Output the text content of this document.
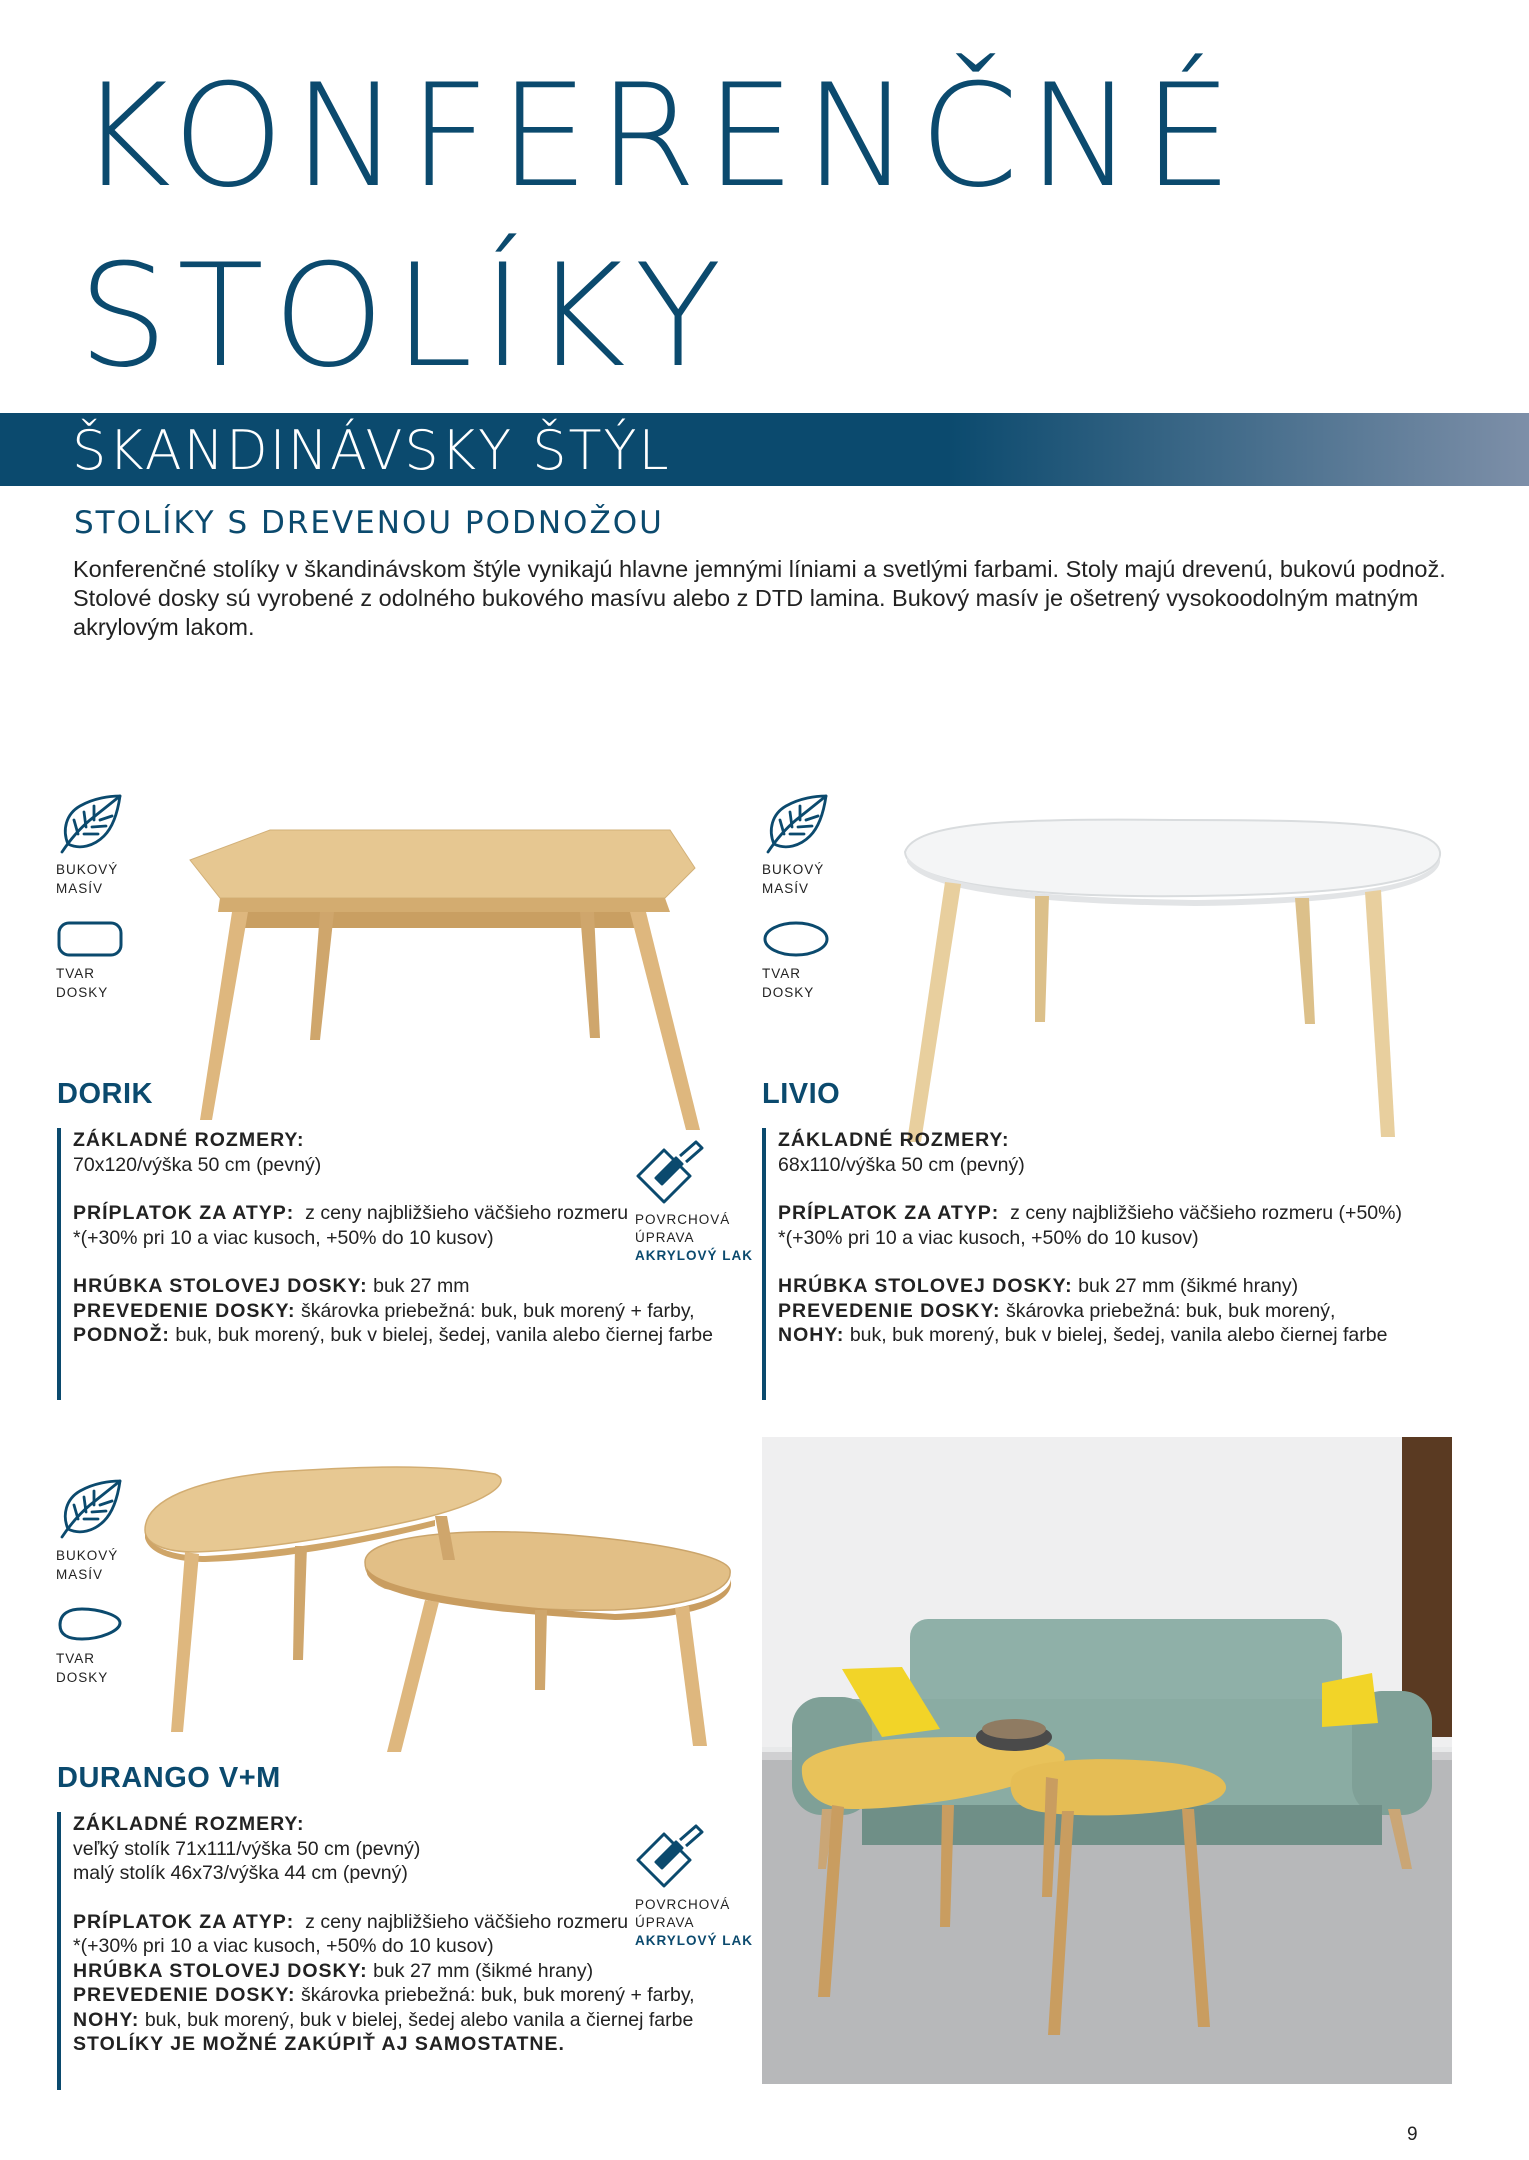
KONFERENČNÉ
STOLÍKY
ŠKANDINÁVSKY ŠTÝL
STOLÍKY S DREVENOU PODNOŽOU
Konferenčné stolíky v škandinávskom štýle vynikajú hlavne jemnými líniami a svetlými farbami. Stoly majú drevenú, bukovú podnož. Stolové dosky sú vyrobené z odolného bukového masívu alebo z DTD lamina. Bukový masív je ošetrený vysokoodolným matným akrylovým lakom.
BUKOVÝ
MASÍV
TVAR
DOSKY
DORIK
ZÁKLADNÉ ROZMERY:
70x120/výška 50 cm (pevný)
PRÍPLATOK ZA ATYP: z ceny najbližšieho väčšieho rozmeru
*(+30% pri 10 a viac kusoch, +50% do 10 kusov)
HRÚBKA STOLOVEJ DOSKY: buk 27 mm
PREVEDENIE DOSKY: škárovka priebežná: buk, buk morený + farby,
PODNOŽ: buk, buk morený, buk v bielej, šedej, vanila alebo čiernej farbe
POVRCHOVÁ
ÚPRAVA
AKRYLOVÝ LAK
BUKOVÝ
MASÍV
TVAR
DOSKY
LIVIO
ZÁKLADNÉ ROZMERY:
68x110/výška 50 cm (pevný)
PRÍPLATOK ZA ATYP: z ceny najbližšieho väčšieho rozmeru (+50%)
*(+30% pri 10 a viac kusoch, +50% do 10 kusov)
HRÚBKA STOLOVEJ DOSKY: buk 27 mm (šikmé hrany)
PREVEDENIE DOSKY: škárovka priebežná: buk, buk morený,
NOHY: buk, buk morený, buk v bielej, šedej, vanila alebo čiernej farbe
BUKOVÝ
MASÍV
TVAR
DOSKY
DURANGO V+M
ZÁKLADNÉ ROZMERY:
veľký stolík 71x111/výška 50 cm (pevný)
malý stolík 46x73/výška 44 cm (pevný)
PRÍPLATOK ZA ATYP: z ceny najbližšieho väčšieho rozmeru
*(+30% pri 10 a viac kusoch, +50% do 10 kusov)
HRÚBKA STOLOVEJ DOSKY: buk 27 mm (šikmé hrany)
PREVEDENIE DOSKY: škárovka priebežná: buk, buk morený + farby,
NOHY: buk, buk morený, buk v bielej, šedej alebo vanila a čiernej farbe
STOLÍKY JE MOŽNÉ ZAKÚPIŤ AJ SAMOSTATNE.
POVRCHOVÁ
ÚPRAVA
AKRYLOVÝ LAK
9
